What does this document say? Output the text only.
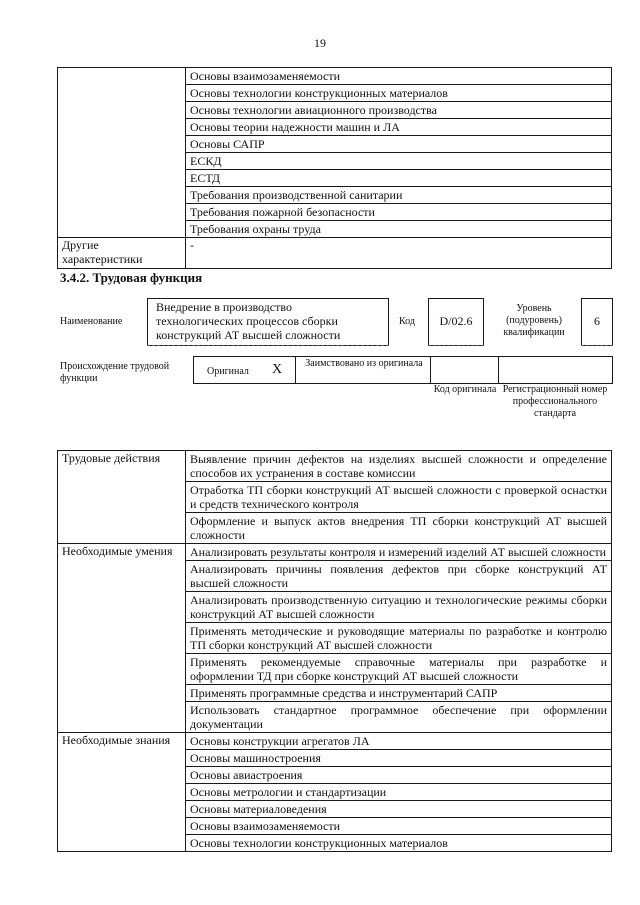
19
	Основы взаимозаменяемости
	Основы технологии конструкционных материалов
	Основы технологии авиационного производства
	Основы теории надежности машин и ЛА
	Основы САПР
	ЕСКД
	ЕСТД
	Требования производственной санитарии
	Требования пожарной безопасности
	Требования охраны труда
Другие характеристики	-
3.4.2. Трудовая функция
Наименование
Внедрение в производство технологических процессов сборки конструкций АТ высшей сложности
Код	D/02.6
Уровень (подуровень) квалификации
6
Происхождение трудовой функции
Оригинал X	Заимствовано из оригинала
Код оригинала Регистрационный номер профессионального стандарта
Трудовые действия	Выявление причин дефектов на изделиях высшей сложности и определение способов их устранения в составе комиссии
	Отработка ТП сборки конструкций АТ высшей сложности с проверкой оснастки и средств технического контроля
	Оформление и выпуск актов внедрения ТП сборки конструкций АТ высшей сложности
Необходимые умения	Анализировать результаты контроля и измерений изделий АТ высшей сложности
	Анализировать причины появления дефектов при сборке конструкций АТ высшей сложности
	Анализировать производственную ситуацию и технологические режимы сборки конструкций АТ высшей сложности
	Применять методические и руководящие материалы по разработке и контролю ТП сборки конструкций АТ высшей сложности
	Применять рекомендуемые справочные материалы при разработке и оформлении ТД при сборке конструкций АТ высшей сложности
	Применять программные средства и инструментарий САПР
	Использовать стандартное программное обеспечение при оформлении документации
Необходимые знания	Основы конструкции агрегатов ЛА
	Основы машиностроения
	Основы авиастроения
	Основы метрологии и стандартизации
	Основы материаловедения
	Основы взаимозаменяемости
	Основы технологии конструкционных материалов
